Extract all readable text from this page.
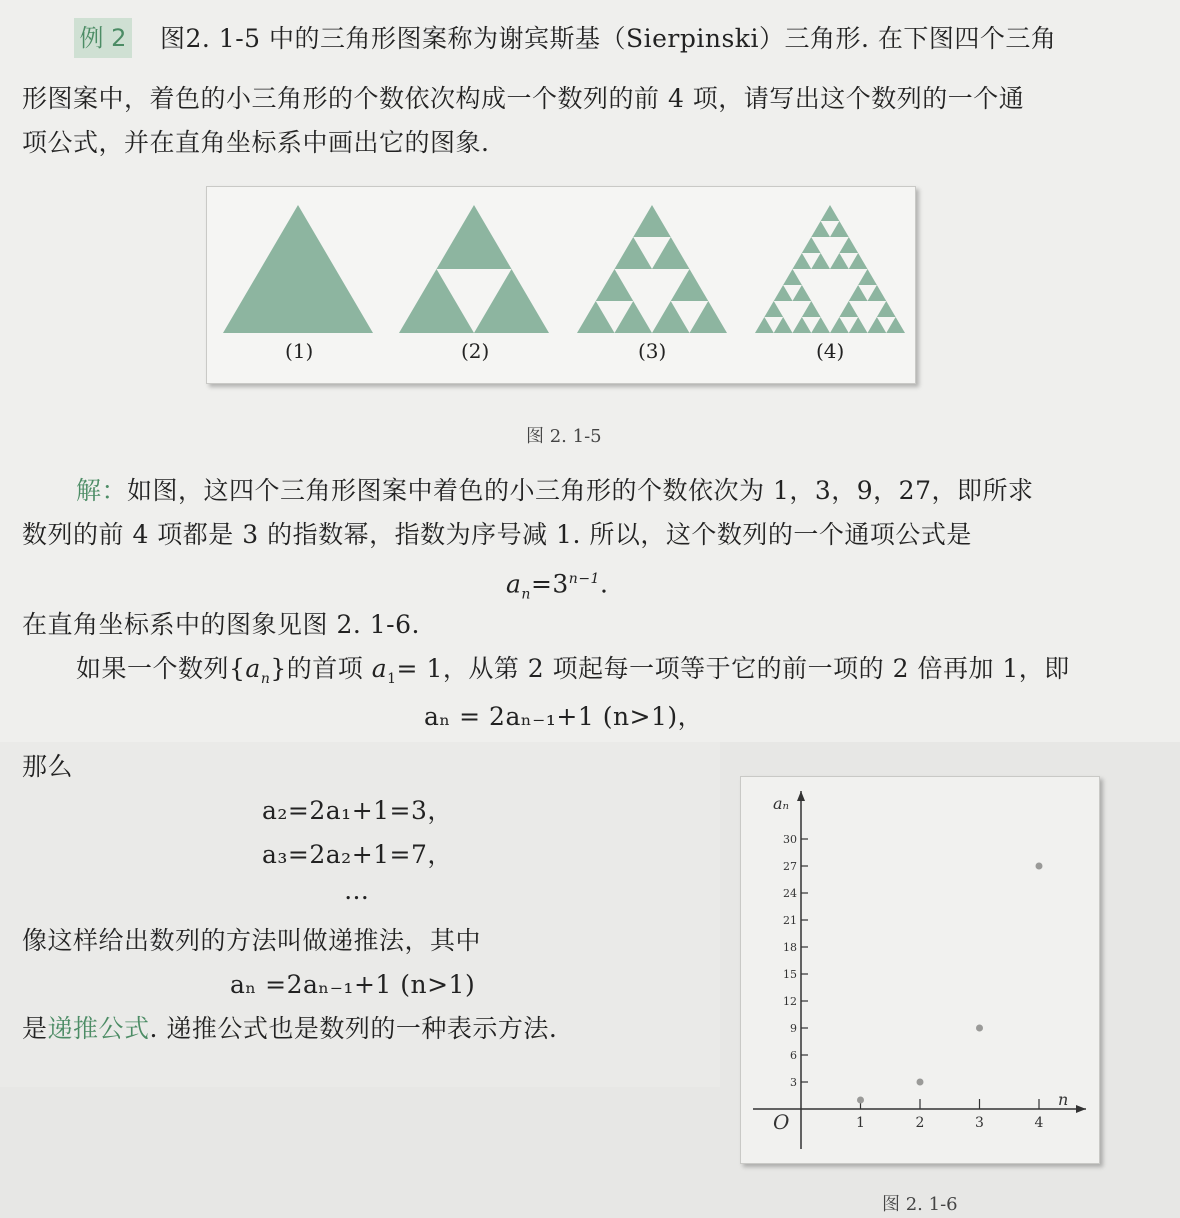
例 2 图2. 1-5 中的三角形图案称为谢宾斯基（Sierpinski）三角形. 在下图四个三角
形图案中，着色的小三角形的个数依次构成一个数列的前 4 项，请写出这个数列的一个通
项公式，并在直角坐标系中画出它的图象.
(1)	(2)	(3)	(4)
图 2. 1-5
解：如图，这四个三角形图案中着色的小三角形的个数依次为 1，3，9，27，即所求
数列的前 4 项都是 3 的指数幂，指数为序号减 1. 所以，这个数列的一个通项公式是
$a_n=3^{n-1}$.
在直角坐标系中的图象见图 2. 1-6.
如果一个数列$\{a_n\}$的首项 $a_1= 1$，从第 2 项起每一项等于它的前一项的 2 倍再加 1，即
aₙ = 2aₙ₋₁+1 (n>1)，
那么
a₂=2a₁+1=3，
a₃=2a₂+1=7，
…
像这样给出数列的方法叫做递推法，其中
aₙ =2aₙ₋₁+1 (n>1)
是递推公式. 递推公式也是数列的一种表示方法.
aₙ
n
O
3
6
9
12
15
18
21
24
27
30
1	2	3	4
图 2. 1-6
